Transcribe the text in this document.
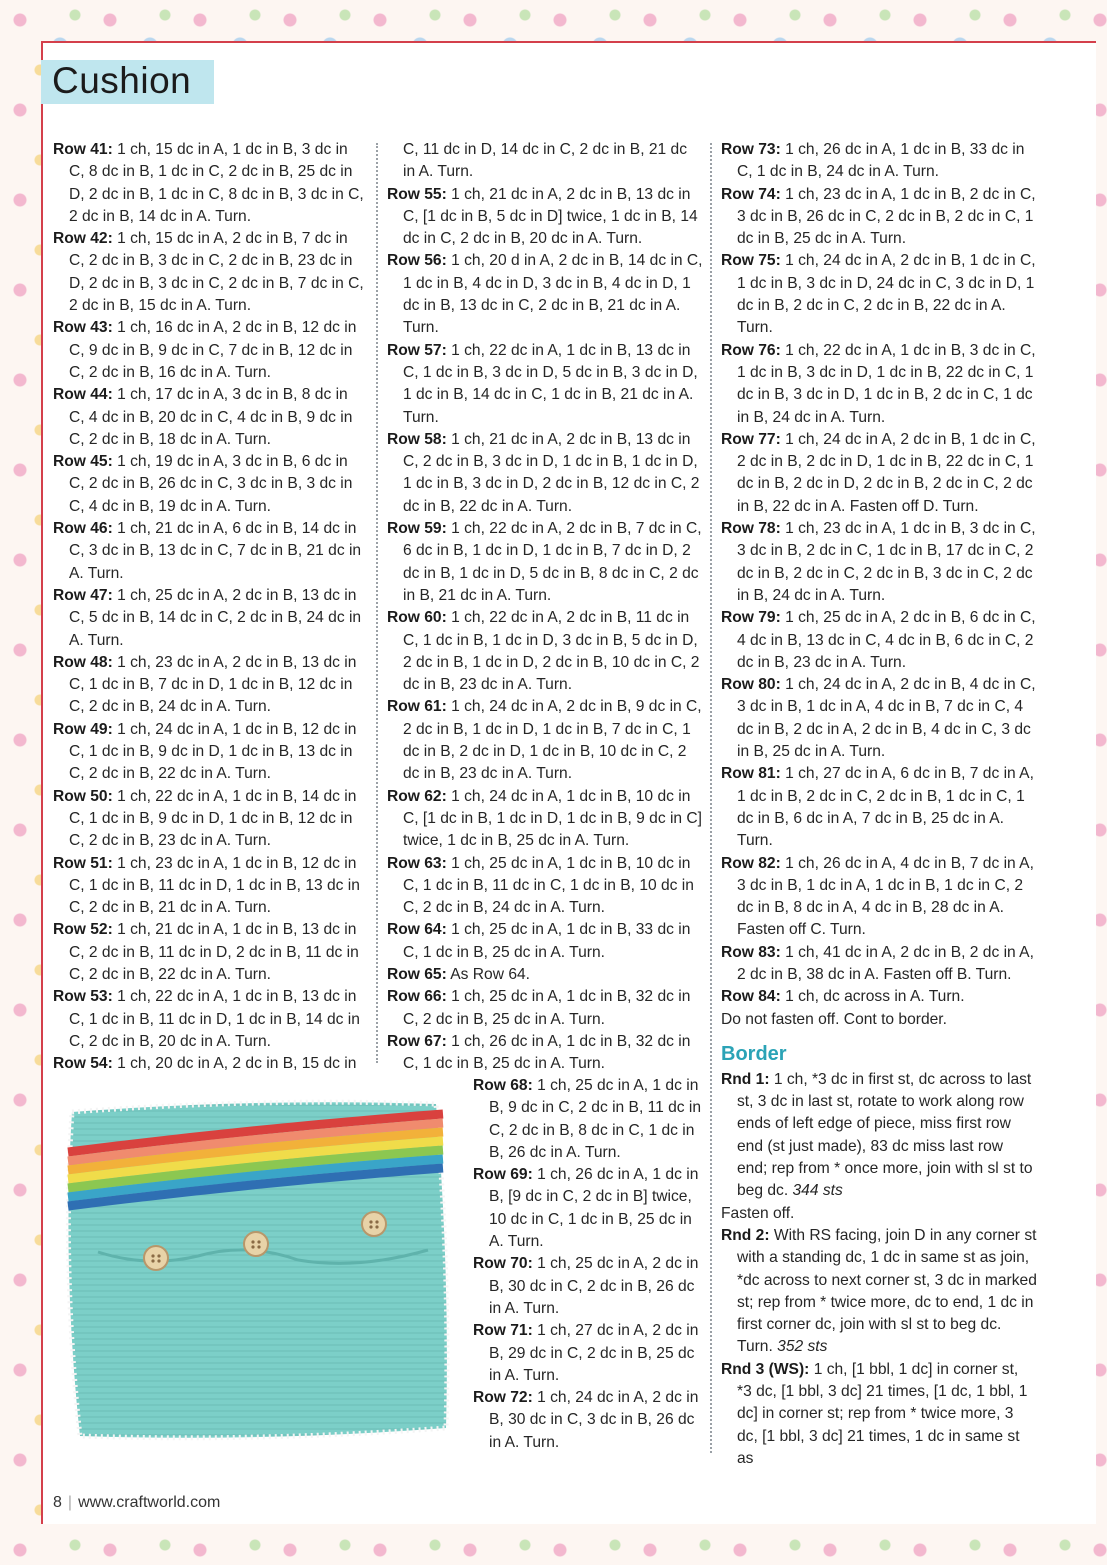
Cushion

Row 41: 1 ch, 15 dc in A, 1 dc in B, 3 dc in C, 8 dc in B, 1 dc in C, 2 dc in B, 25 dc in D, 2 dc in B, 1 dc in C, 8 dc in B, 3 dc in C, 2 dc in B, 14 dc in A. Turn.

Row 42: 1 ch, 15 dc in A, 2 dc in B, 7 dc in C, 2 dc in B, 3 dc in C, 2 dc in B, 23 dc in D, 2 dc in B, 3 dc in C, 2 dc in B, 7 dc in C, 2 dc in B, 15 dc in A. Turn.

Row 43: 1 ch, 16 dc in A, 2 dc in B, 12 dc in C, 9 dc in B, 9 dc in C, 7 dc in B, 12 dc in C, 2 dc in B, 16 dc in A. Turn.

Row 44: 1 ch, 17 dc in A, 3 dc in B, 8 dc in C, 4 dc in B, 20 dc in C, 4 dc in B, 9 dc in C, 2 dc in B, 18 dc in A. Turn.

Row 45: 1 ch, 19 dc in A, 3 dc in B, 6 dc in C, 2 dc in B, 26 dc in C, 3 dc in B, 3 dc in C, 4 dc in B, 19 dc in A. Turn.

Row 46: 1 ch, 21 dc in A, 6 dc in B, 14 dc in C, 3 dc in B, 13 dc in C, 7 dc in B, 21 dc in A. Turn.

Row 47: 1 ch, 25 dc in A, 2 dc in B, 13 dc in C, 5 dc in B, 14 dc in C, 2 dc in B, 24 dc in A. Turn.

Row 48: 1 ch, 23 dc in A, 2 dc in B, 13 dc in C, 1 dc in B, 7 dc in D, 1 dc in B, 12 dc in C, 2 dc in B, 24 dc in A. Turn.

Row 49: 1 ch, 24 dc in A, 1 dc in B, 12 dc in C, 1 dc in B, 9 dc in D, 1 dc in B, 13 dc in C, 2 dc in B, 22 dc in A. Turn.

Row 50: 1 ch, 22 dc in A, 1 dc in B, 14 dc in C, 1 dc in B, 9 dc in D, 1 dc in B, 12 dc in C, 2 dc in B, 23 dc in A. Turn.

Row 51: 1 ch, 23 dc in A, 1 dc in B, 12 dc in C, 1 dc in B, 11 dc in D, 1 dc in B, 13 dc in C, 2 dc in B, 21 dc in A. Turn.

Row 52: 1 ch, 21 dc in A, 1 dc in B, 13 dc in C, 2 dc in B, 11 dc in D, 2 dc in B, 11 dc in C, 2 dc in B, 22 dc in A. Turn.

Row 53: 1 ch, 22 dc in A, 1 dc in B, 13 dc in C, 1 dc in B, 11 dc in D, 1 dc in B, 14 dc in C, 2 dc in B, 20 dc in A. Turn.

Row 54: 1 ch, 20 dc in A, 2 dc in B, 15 dc in

C, 11 dc in D, 14 dc in C, 2 dc in B, 21 dc in A. Turn.

Row 55: 1 ch, 21 dc in A, 2 dc in B, 13 dc in C, [1 dc in B, 5 dc in D] twice, 1 dc in B, 14 dc in C, 2 dc in B, 20 dc in A. Turn.

Row 56: 1 ch, 20 d in A, 2 dc in B, 14 dc in C, 1 dc in B, 4 dc in D, 3 dc in B, 4 dc in D, 1 dc in B, 13 dc in C, 2 dc in B, 21 dc in A. Turn.

Row 57: 1 ch, 22 dc in A, 1 dc in B, 13 dc in C, 1 dc in B, 3 dc in D, 5 dc in B, 3 dc in D, 1 dc in B, 14 dc in C, 1 dc in B, 21 dc in A. Turn.

Row 58: 1 ch, 21 dc in A, 2 dc in B, 13 dc in C, 2 dc in B, 3 dc in D, 1 dc in B, 1 dc in D, 1 dc in B, 3 dc in D, 2 dc in B, 12 dc in C, 2 dc in B, 22 dc in A. Turn.

Row 59: 1 ch, 22 dc in A, 2 dc in B, 7 dc in C, 6 dc in B, 1 dc in D, 1 dc in B, 7 dc in D, 2 dc in B, 1 dc in D, 5 dc in B, 8 dc in C, 2 dc in B, 21 dc in A. Turn.

Row 60: 1 ch, 22 dc in A, 2 dc in B, 11 dc in C, 1 dc in B, 1 dc in D, 3 dc in B, 5 dc in D, 2 dc in B, 1 dc in D, 2 dc in B, 10 dc in C, 2 dc in B, 23 dc in A. Turn.

Row 61: 1 ch, 24 dc in A, 2 dc in B, 9 dc in C, 2 dc in B, 1 dc in D, 1 dc in B, 7 dc in C, 1 dc in B, 2 dc in D, 1 dc in B, 10 dc in C, 2 dc in B, 23 dc in A. Turn.

Row 62: 1 ch, 24 dc in A, 1 dc in B, 10 dc in C, [1 dc in B, 1 dc in D, 1 dc in B, 9 dc in C] twice, 1 dc in B, 25 dc in A. Turn.

Row 63: 1 ch, 25 dc in A, 1 dc in B, 10 dc in C, 1 dc in B, 11 dc in C, 1 dc in B, 10 dc in C, 2 dc in B, 24 dc in A. Turn.

Row 64: 1 ch, 25 dc in A, 1 dc in B, 33 dc in C, 1 dc in B, 25 dc in A. Turn.

Row 65: As Row 64.

Row 66: 1 ch, 25 dc in A, 1 dc in B, 32 dc in C, 2 dc in B, 25 dc in A. Turn.

Row 67: 1 ch, 26 dc in A, 1 dc in B, 32 dc in C, 1 dc in B, 25 dc in A. Turn.

Row 68: 1 ch, 25 dc in A, 1 dc in B, 9 dc in C, 2 dc in B, 11 dc in C, 2 dc in B, 8 dc in C, 1 dc in B, 26 dc in A. Turn.

Row 69: 1 ch, 26 dc in A, 1 dc in B, [9 dc in C, 2 dc in B] twice, 10 dc in C, 1 dc in B, 25 dc in A. Turn.

Row 70: 1 ch, 25 dc in A, 2 dc in B, 30 dc in C, 2 dc in B, 26 dc in A. Turn.

Row 71: 1 ch, 27 dc in A, 2 dc in B, 29 dc in C, 2 dc in B, 25 dc in A. Turn.

Row 72: 1 ch, 24 dc in A, 2 dc in B, 30 dc in C, 3 dc in B, 26 dc in A. Turn.

Row 73: 1 ch, 26 dc in A, 1 dc in B, 33 dc in C, 1 dc in B, 24 dc in A. Turn.

Row 74: 1 ch, 23 dc in A, 1 dc in B, 2 dc in C, 3 dc in B, 26 dc in C, 2 dc in B, 2 dc in C, 1 dc in B, 25 dc in A. Turn.

Row 75: 1 ch, 24 dc in A, 2 dc in B, 1 dc in C, 1 dc in B, 3 dc in D, 24 dc in C, 3 dc in D, 1 dc in B, 2 dc in C, 2 dc in B, 22 dc in A. Turn.

Row 76: 1 ch, 22 dc in A, 1 dc in B, 3 dc in C, 1 dc in B, 3 dc in D, 1 dc in B, 22 dc in C, 1 dc in B, 3 dc in D, 1 dc in B, 2 dc in C, 1 dc in B, 24 dc in A. Turn.

Row 77: 1 ch, 24 dc in A, 2 dc in B, 1 dc in C, 2 dc in B, 2 dc in D, 1 dc in B, 22 dc in C, 1 dc in B, 2 dc in D, 2 dc in B, 2 dc in C, 2 dc in B, 22 dc in A. Fasten off D. Turn.

Row 78: 1 ch, 23 dc in A, 1 dc in B, 3 dc in C, 3 dc in B, 2 dc in C, 1 dc in B, 17 dc in C, 2 dc in B, 2 dc in C, 2 dc in B, 3 dc in C, 2 dc in B, 24 dc in A. Turn.

Row 79: 1 ch, 25 dc in A, 2 dc in B, 6 dc in C, 4 dc in B, 13 dc in C, 4 dc in B, 6 dc in C, 2 dc in B, 23 dc in A. Turn.

Row 80: 1 ch, 24 dc in A, 2 dc in B, 4 dc in C, 3 dc in B, 1 dc in A, 4 dc in B, 7 dc in C, 4 dc in B, 2 dc in A, 2 dc in B, 4 dc in C, 3 dc in B, 25 dc in A. Turn.

Row 81: 1 ch, 27 dc in A, 6 dc in B, 7 dc in A, 1 dc in B, 2 dc in C, 2 dc in B, 1 dc in C, 1 dc in B, 6 dc in A, 7 dc in B, 25 dc in A. Turn.

Row 82: 1 ch, 26 dc in A, 4 dc in B, 7 dc in A, 3 dc in B, 1 dc in A, 1 dc in B, 1 dc in C, 2 dc in B, 8 dc in A, 4 dc in B, 28 dc in A. Fasten off C. Turn.

Row 83: 1 ch, 41 dc in A, 2 dc in B, 2 dc in A, 2 dc in B, 38 dc in A. Fasten off B. Turn.

Row 84: 1 ch, dc across in A. Turn.

Do not fasten off. Cont to border.

Border

Rnd 1: 1 ch, *3 dc in first st, dc across to last st, 3 dc in last st, rotate to work along row ends of left edge of piece, miss first row end (st just made), 83 dc miss last row end; rep from * once more, join with sl st to beg dc. 344 sts

Fasten off.

Rnd 2: With RS facing, join D in any corner st with a standing dc, 1 dc in same st as join, *dc across to next corner st, 3 dc in marked st; rep from * twice more, dc to end, 1 dc in first corner dc, join with sl st to beg dc. Turn. 352 sts

Rnd 3 (WS): 1 ch, [1 bbl, 1 dc] in corner st, *3 dc, [1 bbl, 3 dc] 21 times, [1 dc, 1 bbl, 1 dc] in corner st; rep from * twice more, 3 dc, [1 bbl, 3 dc] 21 times, 1 dc in same st as

8 | www.craftworld.com
